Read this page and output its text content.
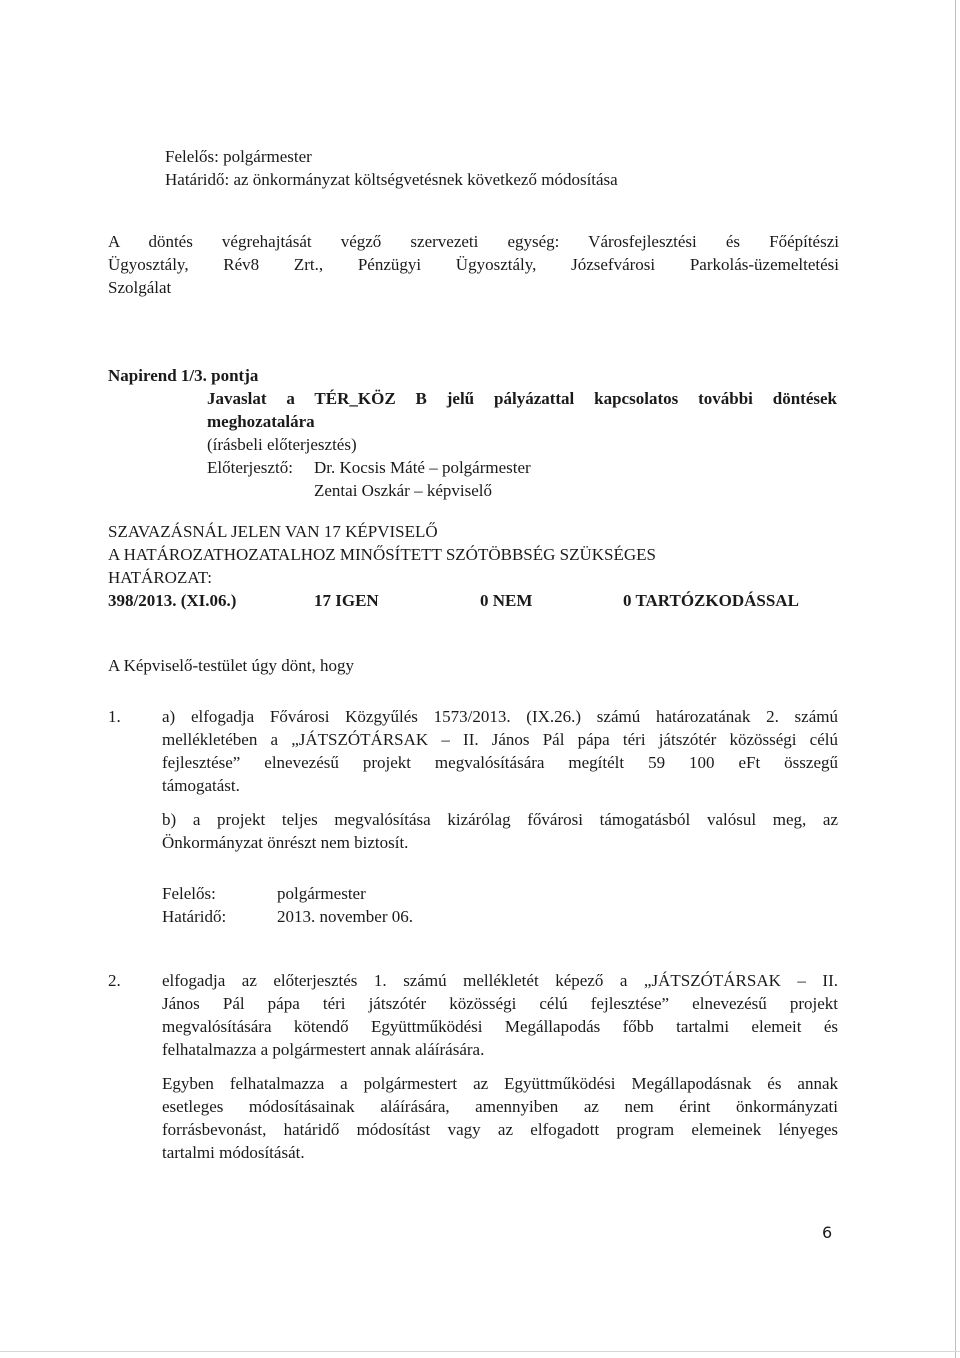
Felelős: polgármester
Határidő: az önkormányzat költségvetésnek következő módosítása
A döntés végrehajtását végző szervezeti egység: Városfejlesztési és Főépítészi
Ügyosztály, Rév8 Zrt., Pénzügyi Ügyosztály, Józsefvárosi Parkolás-üzemeltetési
Szolgálat
Napirend 1/3. pontja
Javaslat a TÉR_KÖZ B jelű pályázattal kapcsolatos további döntések
meghozatalára
(írásbeli előterjesztés)
Előterjesztő: Dr. Kocsis Máté – polgármester
Zentai Oszkár – képviselő
SZAVAZÁSNÁL JELEN VAN 17 KÉPVISELŐ
A HATÁROZATHOZATALHOZ MINŐSÍTETT SZÓTÖBBSÉG SZÜKSÉGES
HATÁROZAT:
398/2013. (XI.06.)	17 IGEN	0 NEM	0 TARTÓZKODÁSSAL
A Képviselő-testület úgy dönt, hogy
1. a) elfogadja Fővárosi Közgyűlés 1573/2013. (IX.26.) számú határozatának 2. számú
mellékletében a „JÁTSZÓTÁRSAK – II. János Pál pápa téri játszótér közösségi célú
fejlesztése” elnevezésű projekt megvalósítására megítélt 59 100 eFt összegű
támogatást.
b) a projekt teljes megvalósítása kizárólag fővárosi támogatásból valósul meg, az
Önkormányzat önrészt nem biztosít.
Felelős:	polgármester
Határidő:	2013. november 06.
2. elfogadja az előterjesztés 1. számú mellékletét képező a „JÁTSZÓTÁRSAK – II.
János Pál pápa téri játszótér közösségi célú fejlesztése” elnevezésű projekt
megvalósítására kötendő Együttműködési Megállapodás főbb tartalmi elemeit és
felhatalmazza a polgármestert annak aláírására.
Egyben felhatalmazza a polgármestert az Együttműködési Megállapodásnak és annak
esetleges módosításainak aláírására, amennyiben az nem érint önkormányzati
forrásbevonást, határidő módosítást vagy az elfogadott program elemeinek lényeges
tartalmi módosítását.
6
